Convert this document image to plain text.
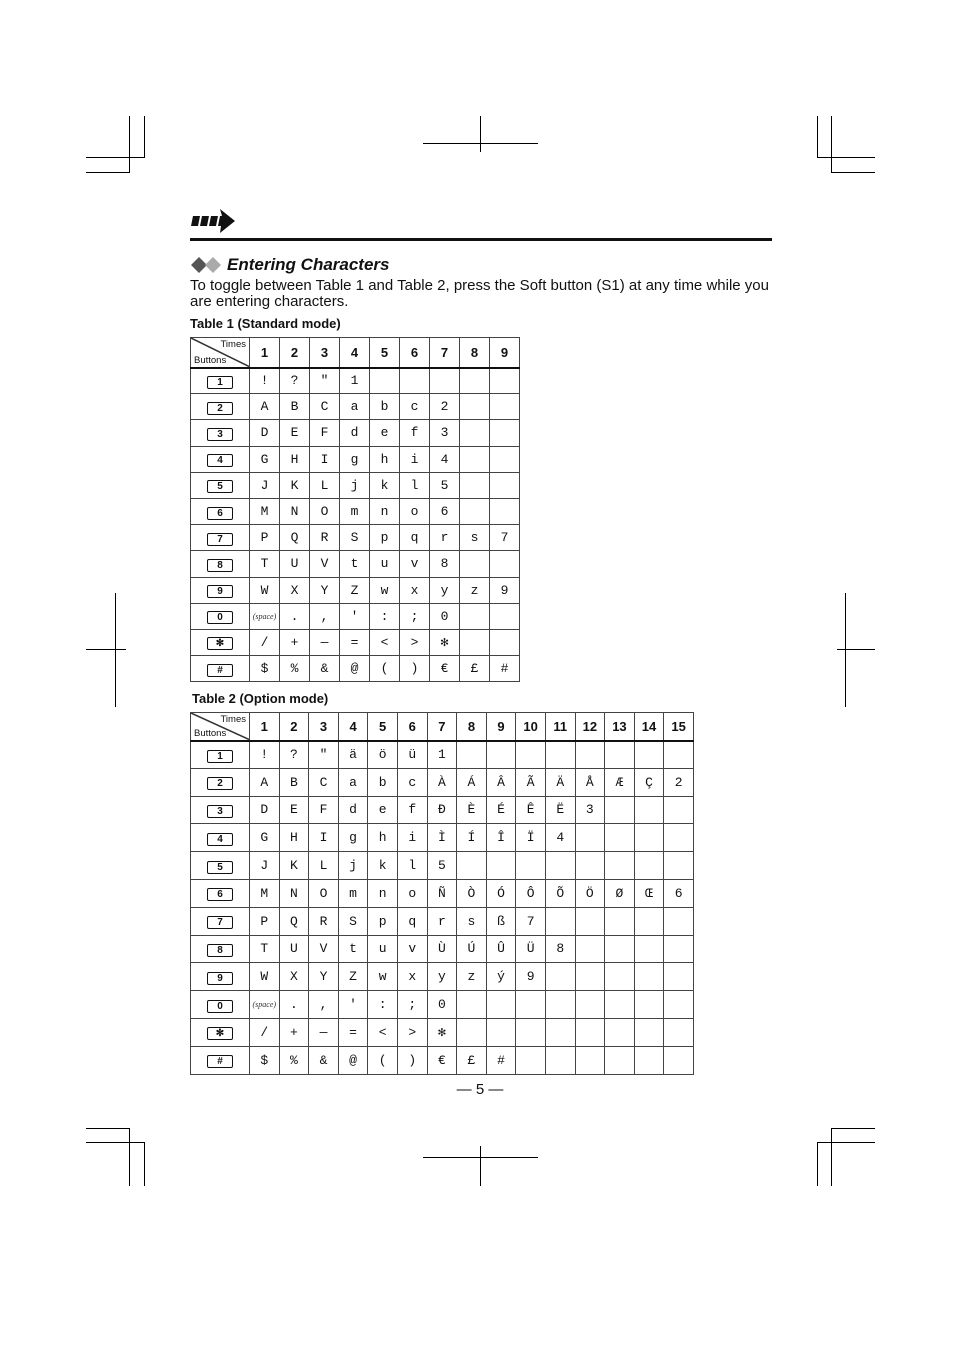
Entering Characters
To toggle between Table 1 and Table 2, press the Soft button (S1) at any time while you are entering characters.
Table 1 (Standard mode)
Times
Buttons	1	2	3	4	5	6	7	8	9
1	!	?	"	1					
2	A	B	C	a	b	c	2		
3	D	E	F	d	e	f	3		
4	G	H	I	g	h	i	4		
5	J	K	L	j	k	l	5		
6	M	N	O	m	n	o	6		
7	P	Q	R	S	p	q	r	s	7
8	T	U	V	t	u	v	8		
9	W	X	Y	Z	w	x	y	z	9
0	(space)	.	,	'	:	;	0		
✻	/	+	—	=	<	>	✻		
#	$	%	&	@	(	)	€	£	#
Table 2 (Option mode)
Times
Buttons	1	2	3	4	5	6	7	8	9	10	11	12	13	14	15
1	!	?	"	ä	ö	ü	1								
2	A	B	C	a	b	c	À	Á	Â	Ã	Ä	Å	Æ	Ç	2
3	D	E	F	d	e	f	Ð	È	É	Ê	Ë	3			
4	G	H	I	g	h	i	Ì	Í	Î	Ï	4				
5	J	K	L	j	k	l	5								
6	M	N	O	m	n	o	Ñ	Ò	Ó	Ô	Õ	Ö	Ø	Œ	6
7	P	Q	R	S	p	q	r	s	ß	7					
8	T	U	V	t	u	v	Ù	Ú	Û	Ü	8				
9	W	X	Y	Z	w	x	y	z	ý	9					
0	(space)	.	,	'	:	;	0								
✻	/	+	—	=	<	>	✻								
#	$	%	&	@	(	)	€	£	#						
— 5 —
